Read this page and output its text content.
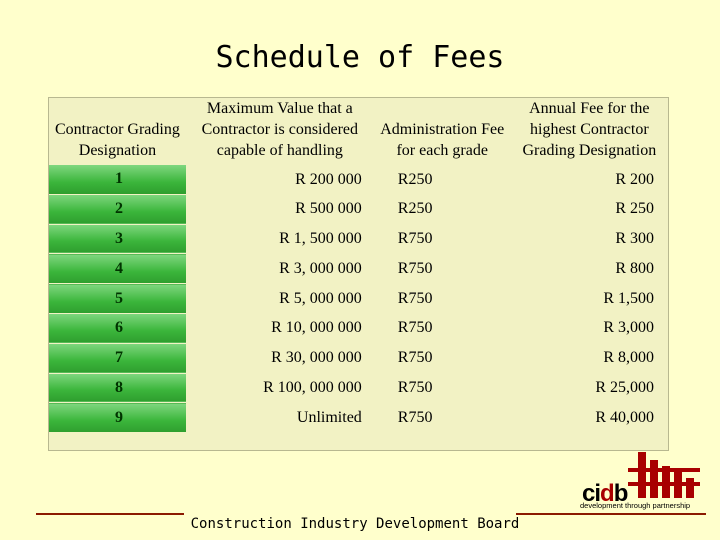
Schedule of Fees
Contractor Grading Designation	Maximum Value that a Contractor is considered capable of handling	Administration Fee for each grade	Annual Fee for the highest Contractor Grading Designation
1	R 200 000	R250	R 200
2	R 500 000	R250	R 250
3	R 1, 500 000	R750	R 300
4	R 3, 000 000	R750	R 800
5	R 5, 000 000	R750	R 1,500
6	R 10, 000 000	R750	R 3,000
7	R 30, 000 000	R750	R 8,000
8	R 100, 000 000	R750	R 25,000
9	Unlimited	R750	R 40,000
cidb
development through partnership
Construction Industry Development Board
